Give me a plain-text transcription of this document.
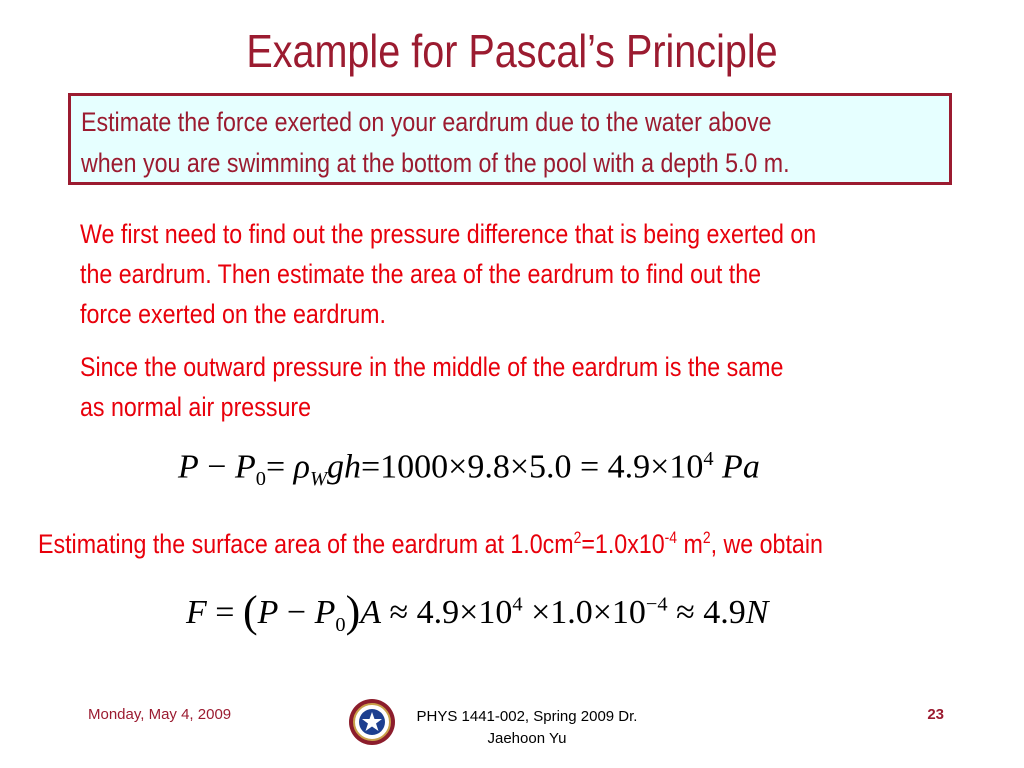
Example for Pascal’s Principle
Estimate the force exerted on your eardrum due to the water above
when you are swimming at the bottom of the pool with a depth 5.0 m.
We first need to find out the pressure difference that is being exerted on
the eardrum. Then estimate the area of the eardrum to find out the
force exerted on the eardrum.
Since the outward pressure in the middle of the eardrum is the same
as normal air pressure
$P - P_0= \rho_Wgh=1000\times 9.8\times 5.0 = 4.9\times 10^4$ Pa
Estimating the surface area of the eardrum at $1.0cm^2=1.0x10^{-4}$ $m^2$, we obtain
$F = (P - P_0)A \approx 4.9\times 10^4 \times 1.0\times 10^{-4} \approx 4.9N$
Monday, May 4, 2009	PHYS 1441-002, Spring 2009 Dr.
Jaehoon Yu
23
